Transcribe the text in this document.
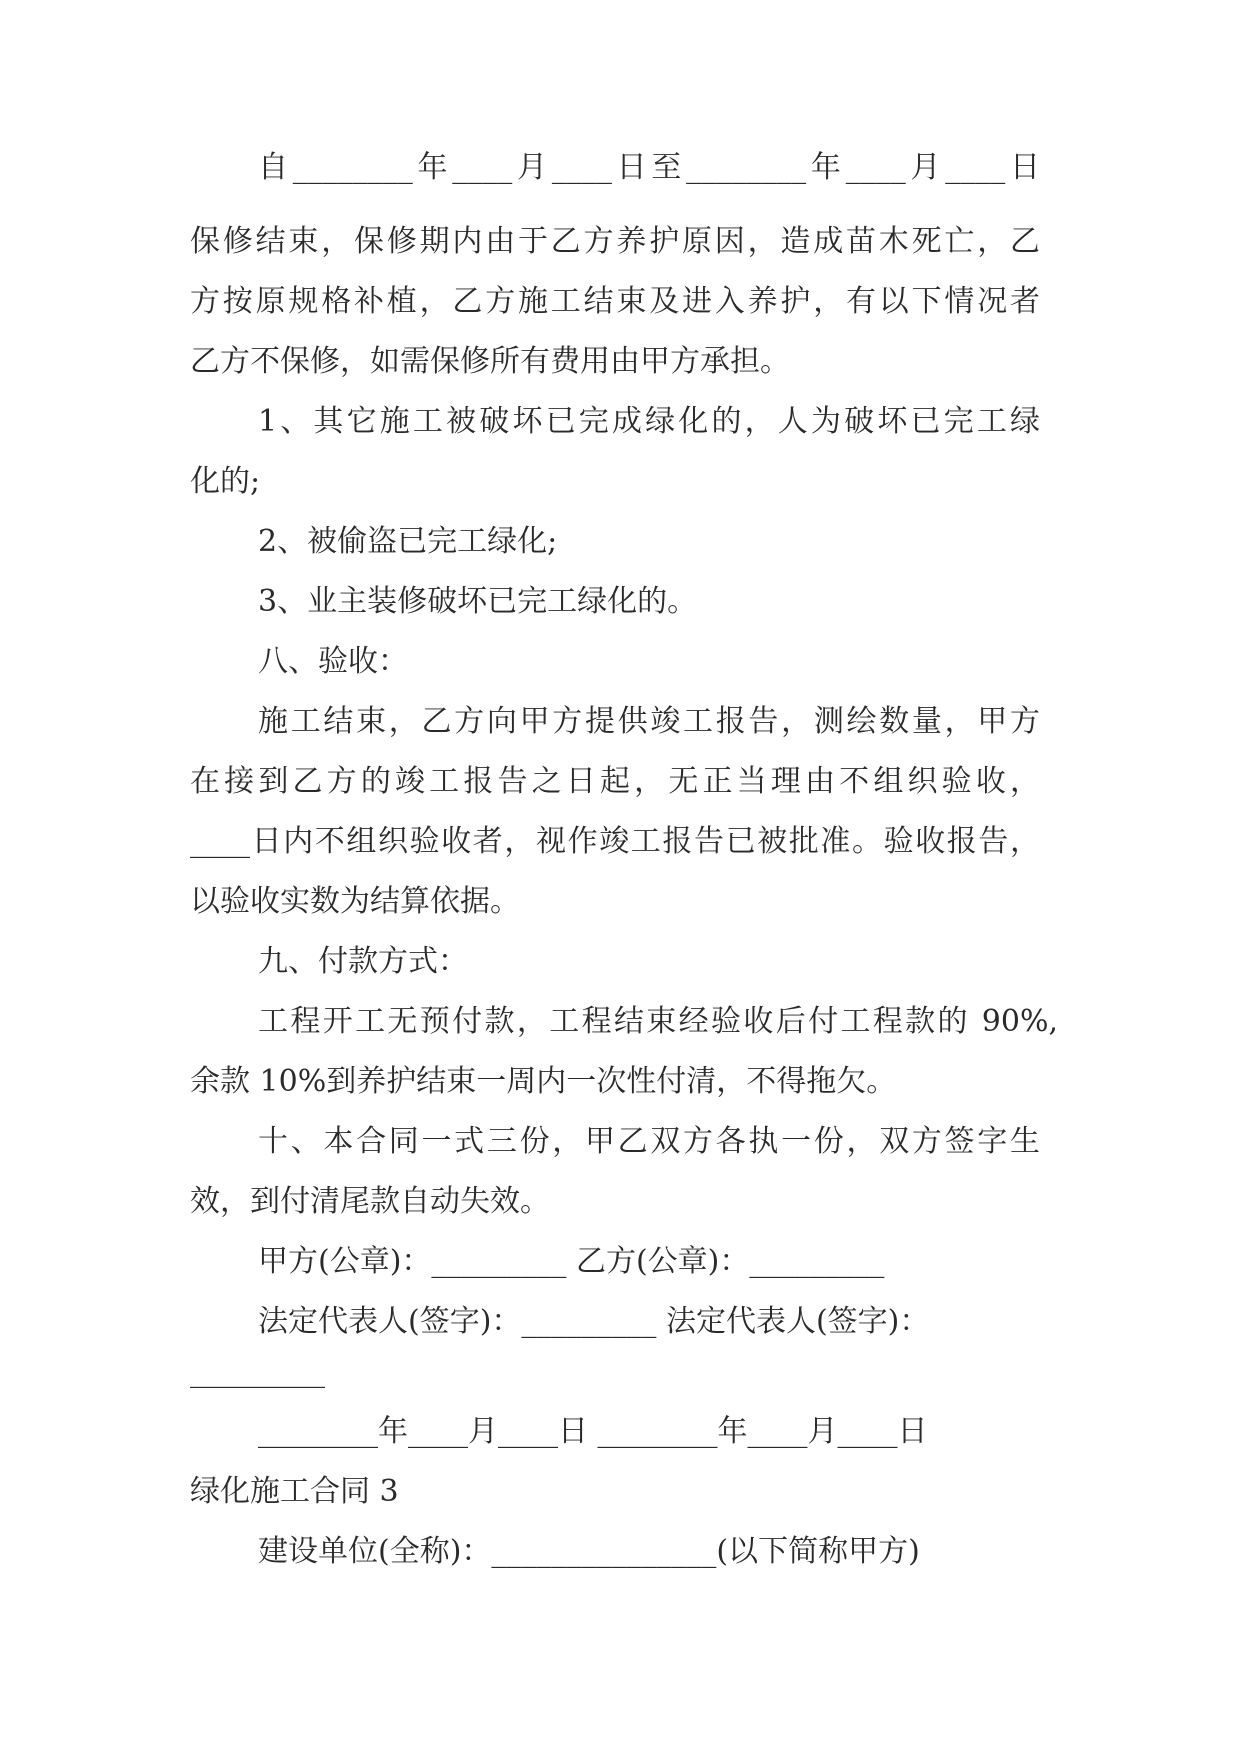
自________年____月____日至________年____月____日
保修结束，保修期内由于乙方养护原因，造成苗木死亡，乙
方按原规格补植，乙方施工结束及进入养护，有以下情况者
乙方不保修，如需保修所有费用由甲方承担。
1、其它施工被破坏已完成绿化的，人为破坏已完工绿
化的;
2、被偷盗已完工绿化;
3、业主装修破坏已完工绿化的。
八、验收：
施工结束，乙方向甲方提供竣工报告，测绘数量，甲方
在接到乙方的竣工报告之日起，无正当理由不组织验收，
____日内不组织验收者，视作竣工报告已被批准。验收报告，
以验收实数为结算依据。
九、付款方式：
工程开工无预付款，工程结束经验收后付工程款的 90%,
余款 10%到养护结束一周内一次性付清，不得拖欠。
十、本合同一式三份，甲乙双方各执一份，双方签字生
效，到付清尾款自动失效。
甲方(公章)：_________ 乙方(公章)：_________
法定代表人(签字)：_________ 法定代表人(签字)：
_________
________年____月____日 ________年____月____日
绿化施工合同 3
建设单位(全称)：_______________(以下简称甲方)
